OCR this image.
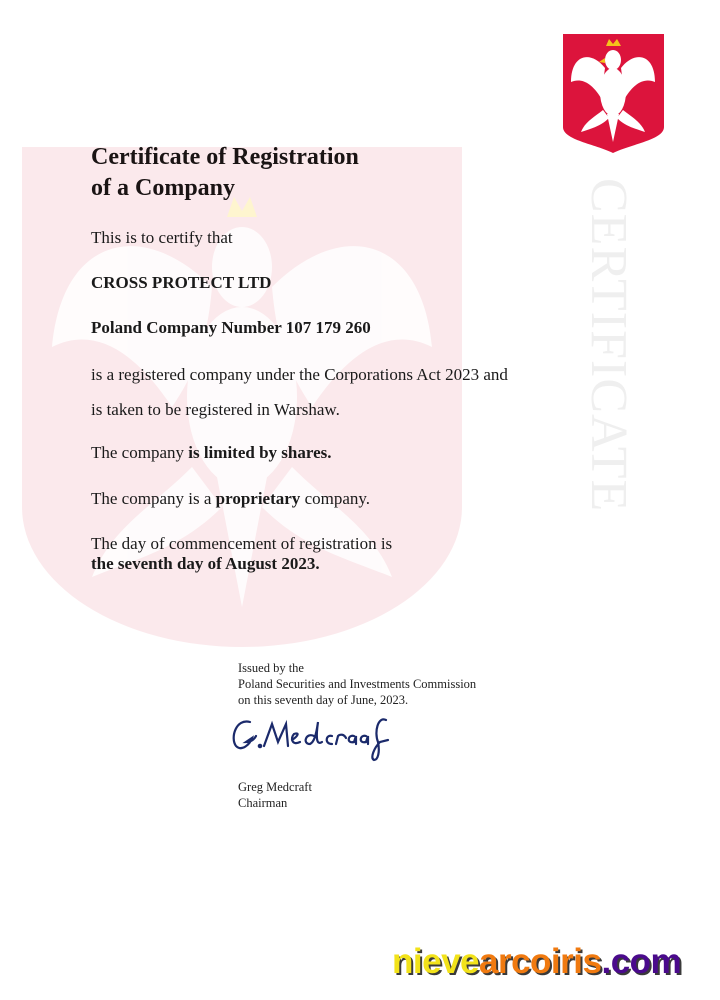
CERTIFICATE
Certificate of Registration
of a Company

This is to certify that

CROSS PROTECT LTD

Poland Company Number 107 179 260

is a registered company under the Corporations Act 2023 and

is taken to be registered in Warshaw.

The company is limited by shares.

The company is a proprietary company.

The day of commencement of registration is

the seventh day of August 2023.

Issued by the
Poland Securities and Investments Commission
on this seventh day of June, 2023.
Greg Medcraft
Chairman
nievearcoiris.com
